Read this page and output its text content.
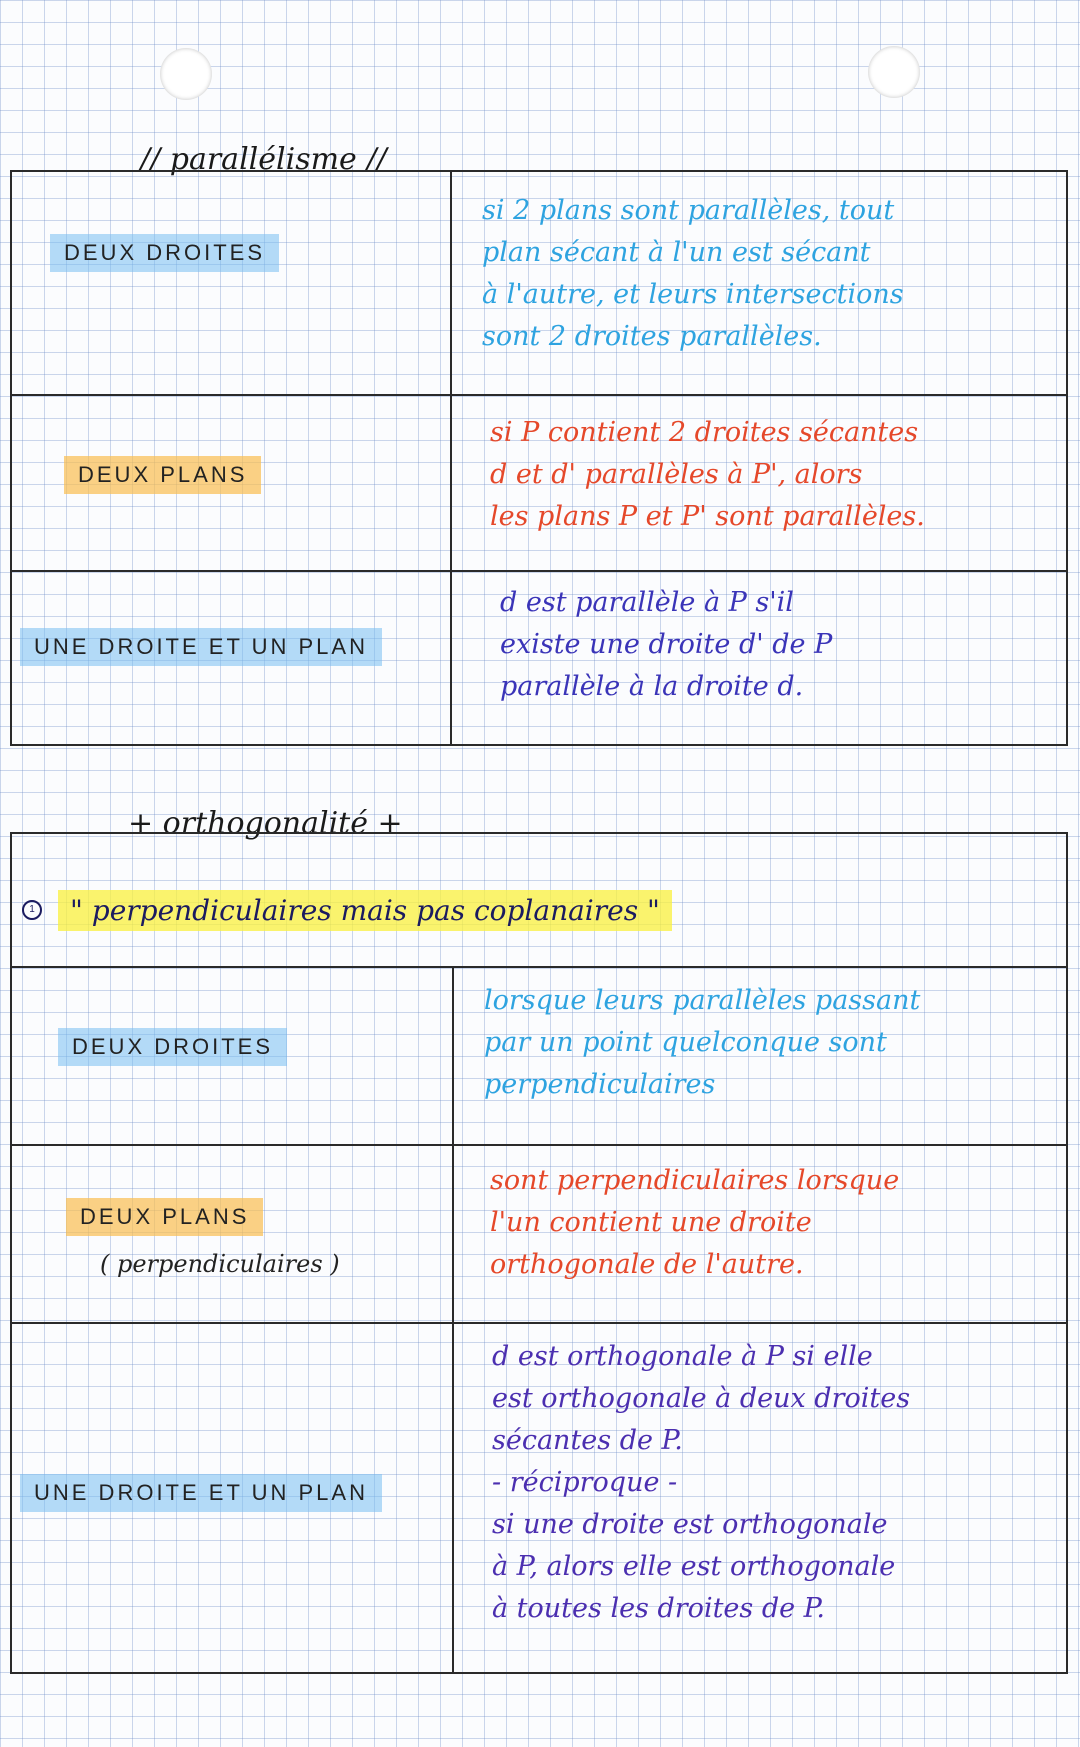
// parallélisme //
DEUX DROITES
si 2 plans sont parallèles, tout
plan sécant à l'un est sécant
à l'autre, et leurs intersections
sont 2 droites parallèles.
DEUX PLANS
si P contient 2 droites sécantes
d et d' parallèles à P', alors
les plans P et P' sont parallèles.
UNE DROITE ET UN PLAN
d est parallèle à P s'il
existe une droite d' de P
parallèle à la droite d.
+ orthogonalité +
1	" perpendiculaires mais pas coplanaires "
DEUX DROITES
lorsque leurs parallèles passant
par un point quelconque sont
perpendiculaires
DEUX PLANS
( perpendiculaires )
sont perpendiculaires lorsque
l'un contient une droite
orthogonale de l'autre.
UNE DROITE ET UN PLAN
d est orthogonale à P si elle
est orthogonale à deux droites
sécantes de P.
- réciproque -
si une droite est orthogonale
à P, alors elle est orthogonale
à toutes les droites de P.
